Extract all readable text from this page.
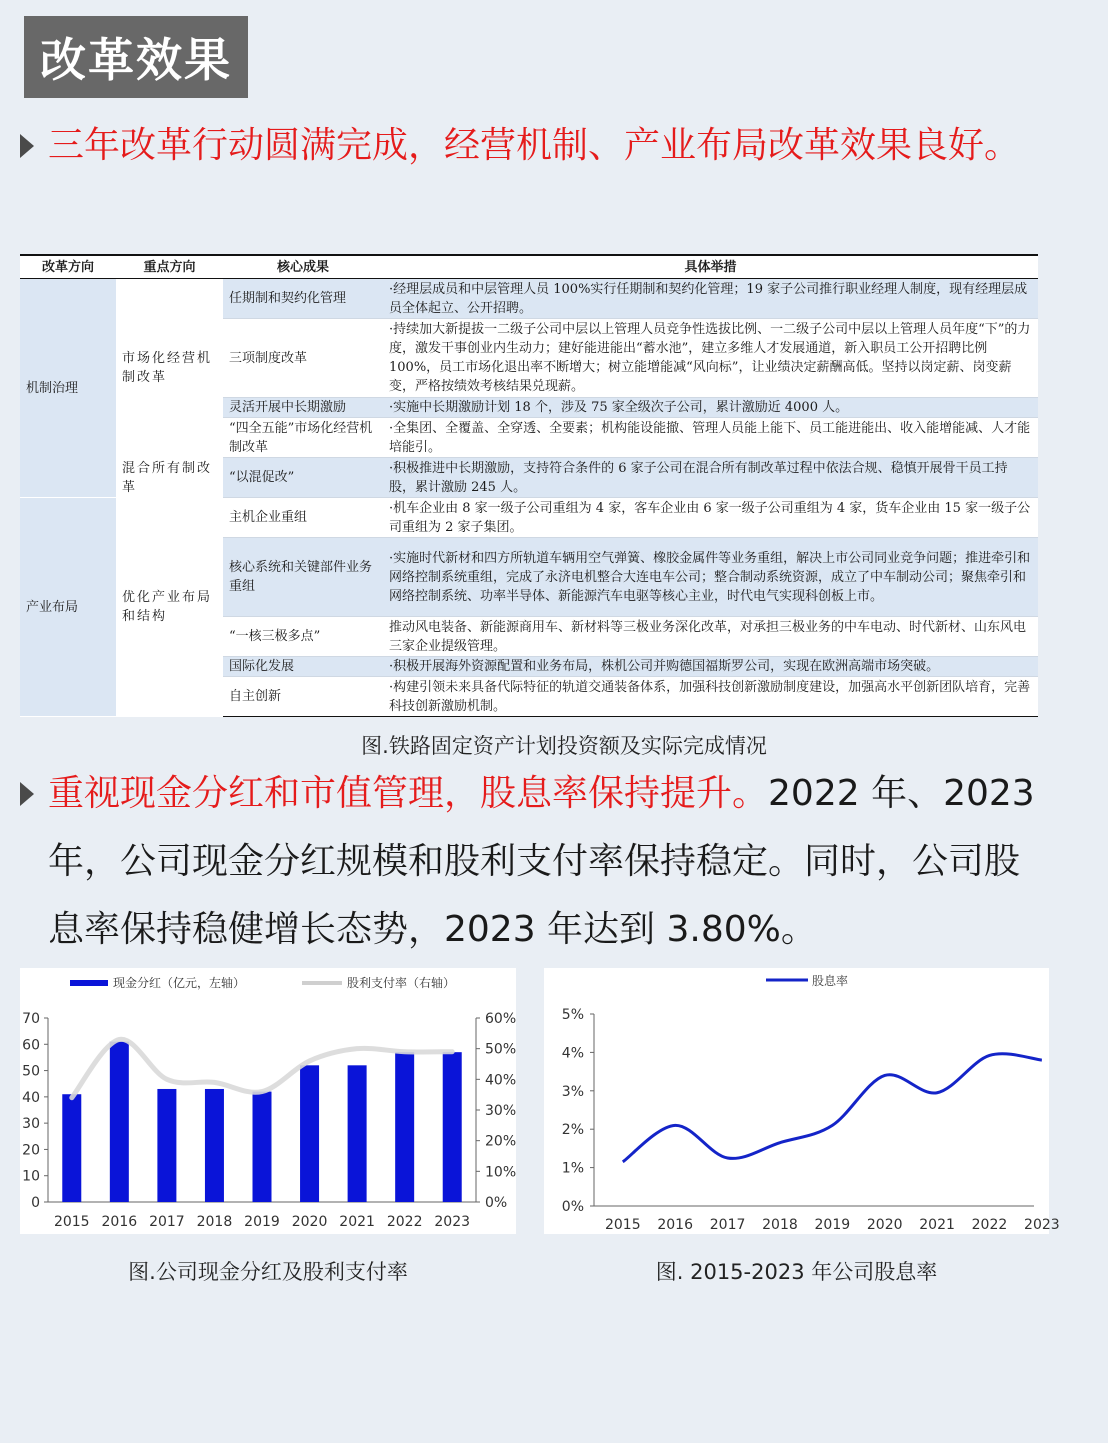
改革效果
三年改革行动圆满完成，经营机制、产业布局改革效果良好。
改革方向	重点方向	核心成果	具体举措
机制治理	市场化经营机制改革	任期制和契约化管理	·经理层成员和中层管理人员 100%实行任期制和契约化管理；19 家子公司推行职业经理人制度，现有经理层成员全体起立、公开招聘。
		三项制度改革	·持续加大新提拔一二级子公司中层以上管理人员竞争性选拔比例、一二级子公司中层以上管理人员年度“下”的力度，激发干事创业内生动力；建好能进能出“蓄水池”，建立多维人才发展通道，新入职员工公开招聘比例 100%，员工市场化退出率不断增大；树立能增能减“风向标”，让业绩决定薪酬高低。坚持以岗定薪、岗变薪变，严格按绩效考核结果兑现薪。
		灵活开展中长期激励	·实施中长期激励计划 18 个，涉及 75 家全级次子公司，累计激励近 4000 人。
		“四全五能”市场化经营机制改革	·全集团、全覆盖、全穿透、全要素；机构能设能撤、管理人员能上能下、员工能进能出、收入能增能减、人才能培能引。
	混合所有制改革	“以混促改”	·积极推进中长期激励，支持符合条件的 6 家子公司在混合所有制改革过程中依法合规、稳慎开展骨干员工持股，累计激励 245 人。
产业布局	优化产业布局和结构	主机企业重组	·机车企业由 8 家一级子公司重组为 4 家，客车企业由 6 家一级子公司重组为 4 家，货车企业由 15 家一级子公司重组为 2 家子集团。
		核心系统和关键部件业务重组	·实施时代新材和四方所轨道车辆用空气弹簧、橡胶金属件等业务重组，解决上市公司同业竞争问题；推进牵引和网络控制系统重组，完成了永济电机整合大连电车公司；整合制动系统资源，成立了中车制动公司；聚焦牵引和网络控制系统、功率半导体、新能源汽车电驱等核心主业，时代电气实现科创板上市。
		“一核三极多点”	推动风电装备、新能源商用车、新材料等三极业务深化改革，对承担三极业务的中车电动、时代新材、山东风电三家企业提级管理。
		国际化发展	·积极开展海外资源配置和业务布局，株机公司并购德国福斯罗公司，实现在欧洲高端市场突破。
		自主创新	·构建引领未来具备代际特征的轨道交通装备体系，加强科技创新激励制度建设，加强高水平创新团队培育，完善科技创新激励机制。
图.铁路固定资产计划投资额及实际完成情况
重视现金分红和市值管理，股息率保持提升。2022 年、2023 年，公司现金分红规模和股利支付率保持稳定。同时，公司股息率保持稳健增长态势，2023 年达到 3.80%。
现金分红（亿元，左轴）	股利支付率（右轴）
0
10
20
30
40
50
60
70
0%
10%
20%
30%
40%
50%
60%
2015 2016 2017 2018 2019 2020 2021 2022 2023
股息率
0%
1%
2%
3%
4%
5%
2015 2016 2017 2018 2019 2020 2021 2022 2023
图.公司现金分红及股利支付率	图. 2015-2023 年公司股息率
